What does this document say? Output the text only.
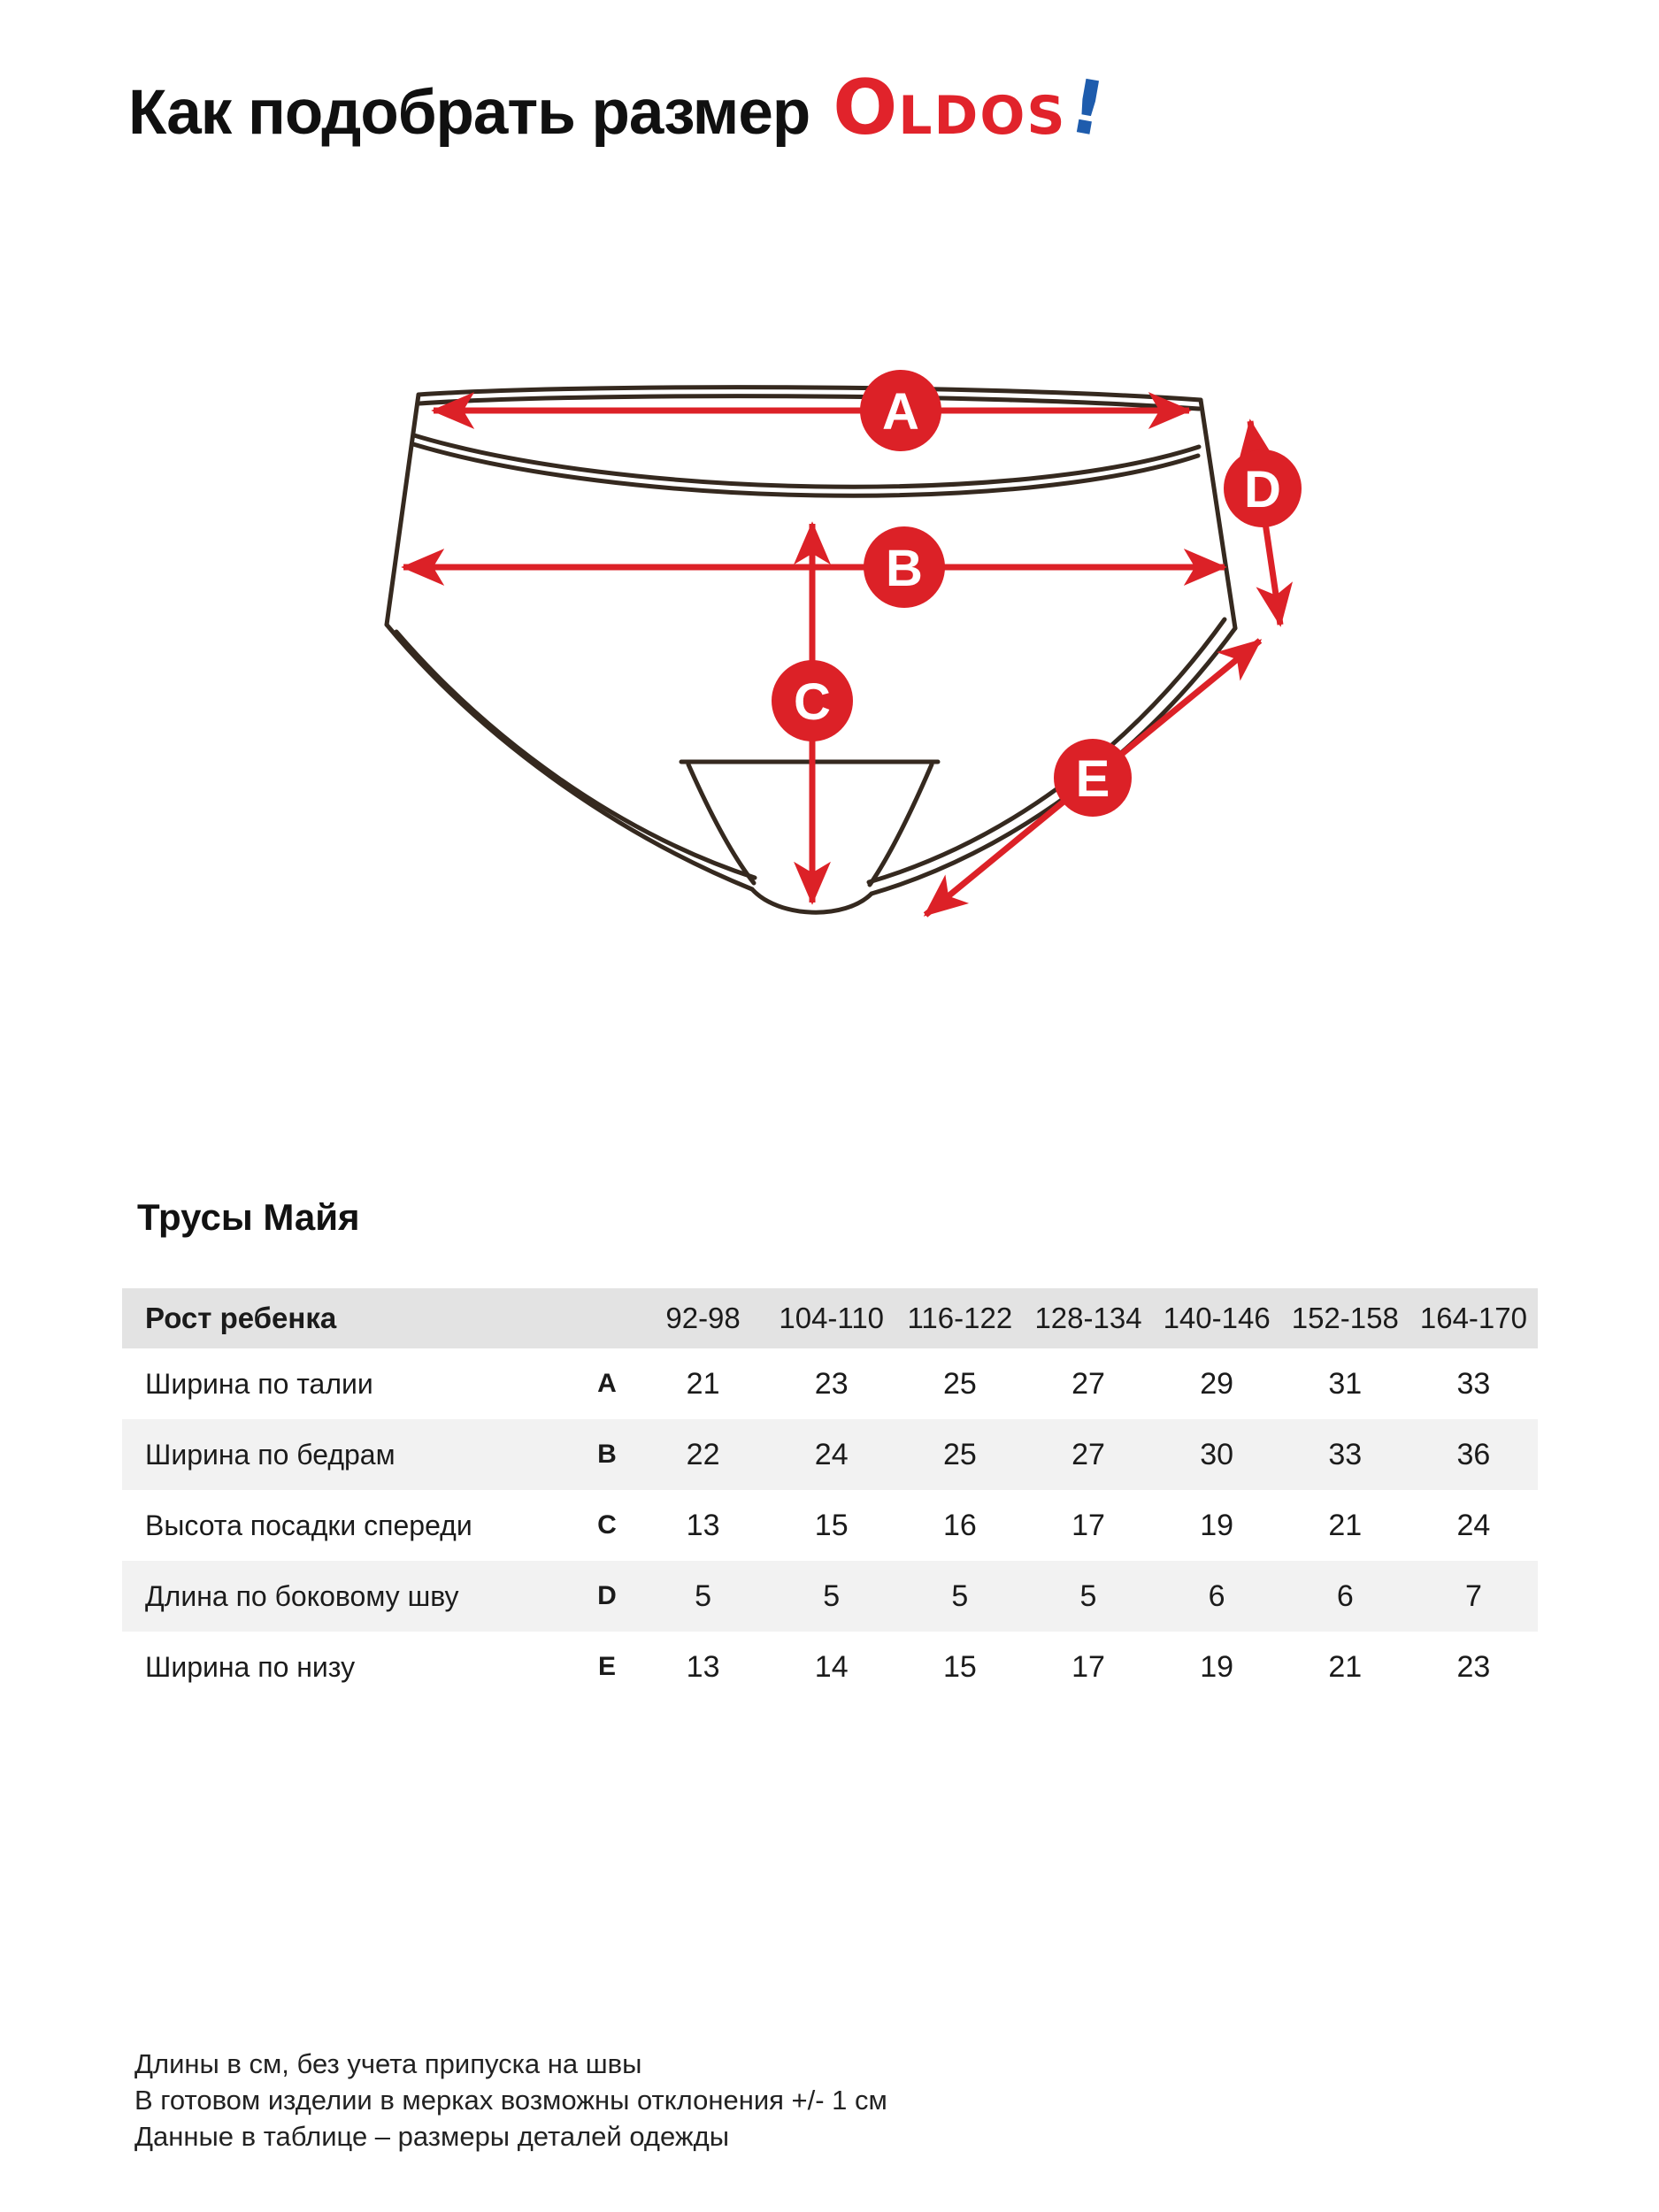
Как подобрать размер OLDOS!
A
B
C
D
E
Трусы Майя
Рост ребенка		92-98	104-110	116-122	128-134	140-146	152-158	164-170
Ширина по талии	A	21	23	25	27	29	31	33
Ширина по бедрам	B	22	24	25	27	30	33	36
Высота посадки спереди	C	13	15	16	17	19	21	24
Длина по боковому шву	D	5	5	5	5	6	6	7
Ширина по низу	E	13	14	15	17	19	21	23

Длины в см, без учета припуска на швы

В готовом изделии в мерках возможны отклонения +/- 1 см

Данные в таблице – размеры деталей одежды
